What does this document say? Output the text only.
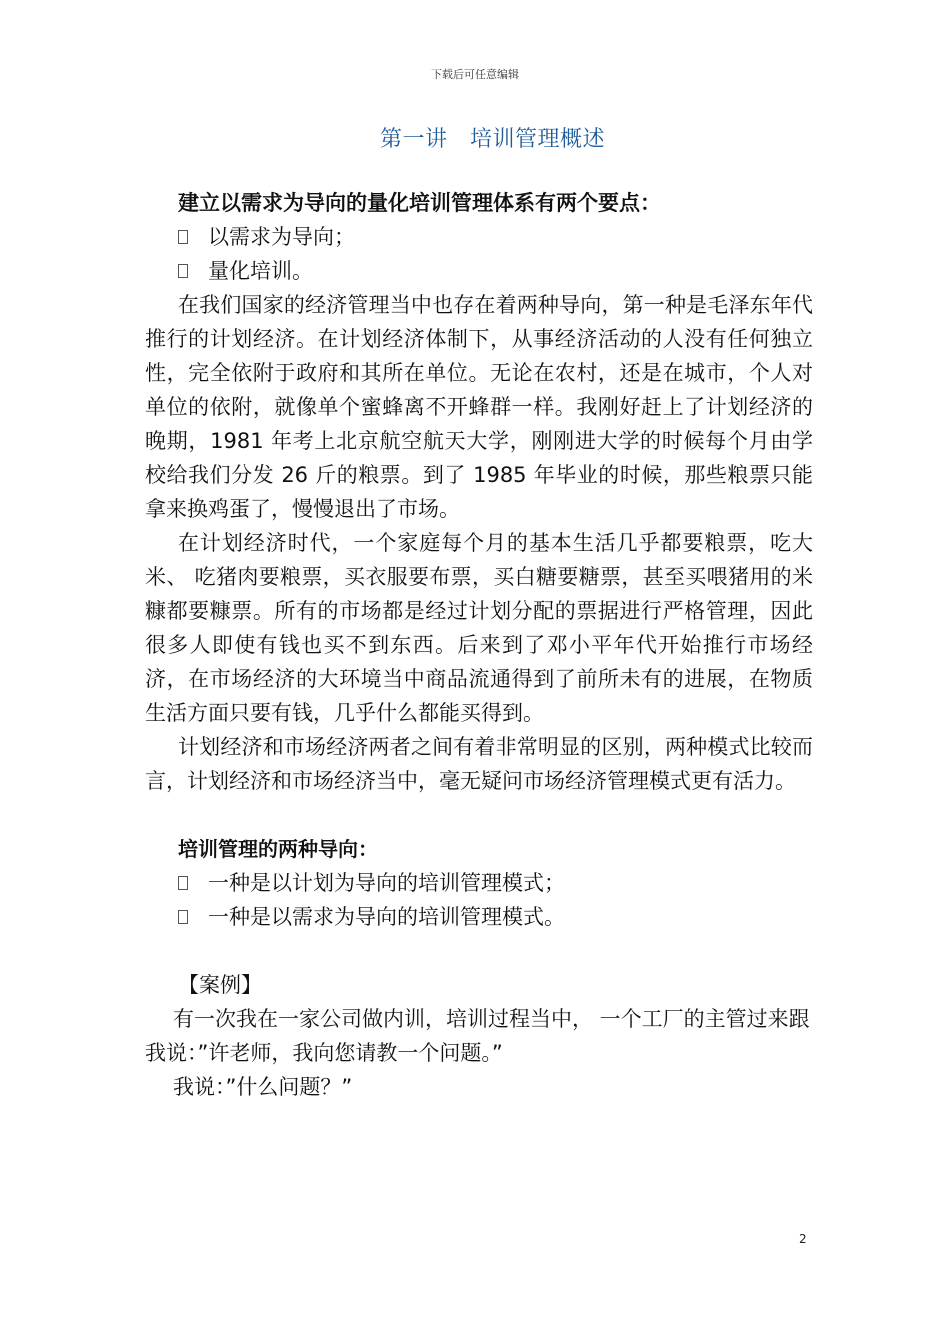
下载后可任意编辑
第一讲　培训管理概述

建立以需求为导向的量化培训管理体系有两个要点：

以需求为导向；

量化培训。

在我们国家的经济管理当中也存在着两种导向，第一种是毛泽东年代推行的计划经济。在计划经济体制下，从事经济活动的人没有任何独立性，完全依附于政府和其所在单位。无论在农村，还是在城市，个人对单位的依附，就像单个蜜蜂离不开蜂群一样。我刚好赶上了计划经济的晚期，1981 年考上北京航空航天大学，刚刚进大学的时候每个月由学校给我们分发 26 斤的粮票。到了 1985 年毕业的时候，那些粮票只能拿来换鸡蛋了，慢慢退出了市场。

在计划经济时代，一个家庭每个月的基本生活几乎都要粮票，吃大米、 吃猪肉要粮票，买衣服要布票，买白糖要糖票，甚至买喂猪用的米糠都要糠票。所有的市场都是经过计划分配的票据进行严格管理，因此很多人即使有钱也买不到东西。后来到了邓小平年代开始推行市场经济，在市场经济的大环境当中商品流通得到了前所未有的进展，在物质生活方面只要有钱，几乎什么都能买得到。

计划经济和市场经济两者之间有着非常明显的区别，两种模式比较而言，计划经济和市场经济当中，毫无疑问市场经济管理模式更有活力。

培训管理的两种导向：

一种是以计划为导向的培训管理模式；

一种是以需求为导向的培训管理模式。

【案例】

有一次我在一家公司做内训，培训过程当中， 一个工厂的主管过来跟我说：”许老师，我向您请教一个问题。”

我说：”什么问题？”

2
